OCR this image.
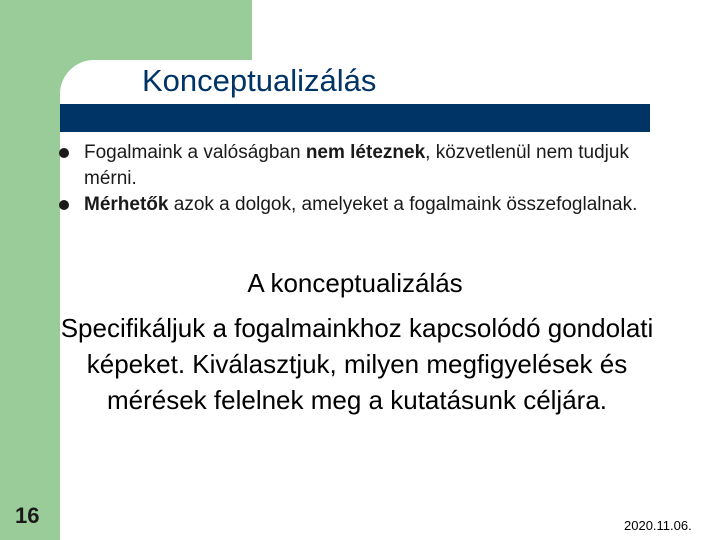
Konceptualizálás
Fogalmaink a valóságban nem léteznek, közvetlenül nem tudjuk mérni.
Mérhetők azok a dolgok, amelyeket a fogalmaink összefoglalnak.
A konceptualizálás
Specifikáljuk a fogalmainkhoz kapcsolódó gondolati képeket. Kiválasztjuk, milyen megfigyelések és mérések felelnek meg a kutatásunk céljára.
16	2020.11.06.
